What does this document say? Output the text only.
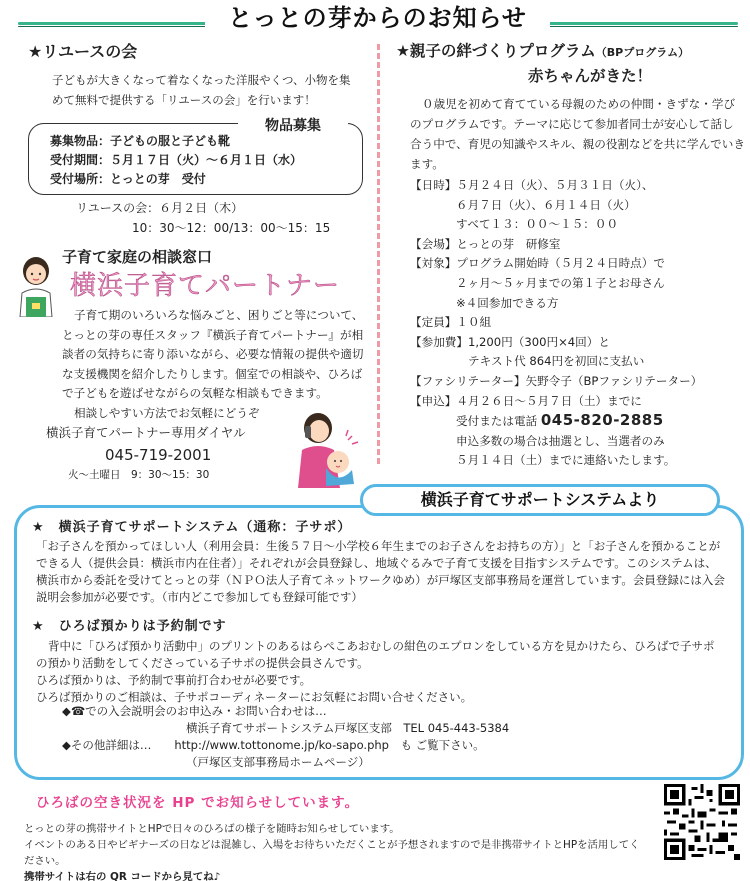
とっとの芽からのお知らせ
★リユースの会
子どもが大きくなって着なくなった洋服やくつ、小物を集めて無料で提供する「リユースの会」を行います！
物品募集
募集物品：子どもの服と子ども靴
受付期間：５月１７日（火）〜６月１日（水）
受付場所：とっとの芽　受付
リユースの会：６月２日（木）
10：30〜12：00/13：00〜15：15
子育て家庭の相談窓口
横浜子育てパートナー

子育て期のいろいろな悩みごと、困りごと等について、とっとの芽の専任スタッフ『横浜子育てパートナー』が相談者の気持ちに寄り添いながら、必要な情報の提供や適切な支援機関を紹介したりします。個室での相談や、ひろばで子どもを遊ばせながらの気軽な相談もできます。

相談しやすい方法でお気軽にどうぞ

横浜子育てパートナー専用ダイヤル
045-719-2001
火〜土曜日　9：30〜15：30
★親子の絆づくりプログラム（BPプログラム）
赤ちゃんがきた！

０歳児を初めて育てている母親のための仲間・きずな・学びのプログラムです。テーマに応じて参加者同士が安心して話し合う中で、育児の知識やスキル、親の役割などを共に学んでいきます。

【日時】５月２４日（火）、５月３１日（火）、
６月７日（火）、６月１４日（火）
すべて１３：００〜１５：００
【会場】とっとの芽　研修室
【対象】プログラム開始時（５月２４日時点）で
２ヶ月〜５ヶ月までの第１子とお母さん
※４回参加できる方
【定員】１０組
【参加費】1,200円（300円×4回）と
テキスト代 864円を初回に支払い
【ファシリテーター】矢野令子（BPファシリテーター）
【申込】４月２６日〜５月７日（土）までに
受付または電話 045-820-2885
申込多数の場合は抽選とし、当選者のみ
５月１４日（土）までに連絡いたします。
横浜子育てサポートシステムより
★　横浜子育てサポートシステム（通称：子サポ）
「お子さんを預かってほしい人（利用会員：生後５７日〜小学校６年生までのお子さんをお持ちの方）」と「お子さんを預かることができる人（提供会員：横浜市内在住者）」それぞれが会員登録し、地域ぐるみで子育て支援を目指すシステムです。このシステムは、横浜市から委託を受けてとっとの芽（ＮＰＯ法人子育てネットワークゆめ）が戸塚区支部事務局を運営しています。会員登録には入会説明会参加が必要です。（市内どこで参加しても登録可能です）
★　ひろば預かりは予約制です
背中に「ひろば預かり活動中」のプリントのあるはらぺこあおむしの紺色のエプロンをしている方を見かけたら、ひろばで子サポの預かり活動をしてくださっている子サポの提供会員さんです。
ひろば預かりは、予約制で事前打合わせが必要です。
ひろば預かりのご相談は、子サポコーディネーターにお気軽にお問い合せください。
◆☎での入会説明会のお申込み・お問い合わせは…
横浜子育てサポートシステム戸塚区支部　TEL 045-443-5384
◆その他詳細は…　　http://www.tottonome.jp/ko-sapo.php　も ご覧下さい。
（戸塚区支部事務局ホームページ）
ひろばの空き状況を HP でお知らせしています。
とっとの芽の携帯サイトとHPで日々のひろばの様子を随時お知らせしています。
イベントのある日やビギナーズの日などは混雑し、入場をお待ちいただくことが予想されますので是非携帯サイトとHPを活用してください。
携帯サイトは右の QR コードから見てね♪
